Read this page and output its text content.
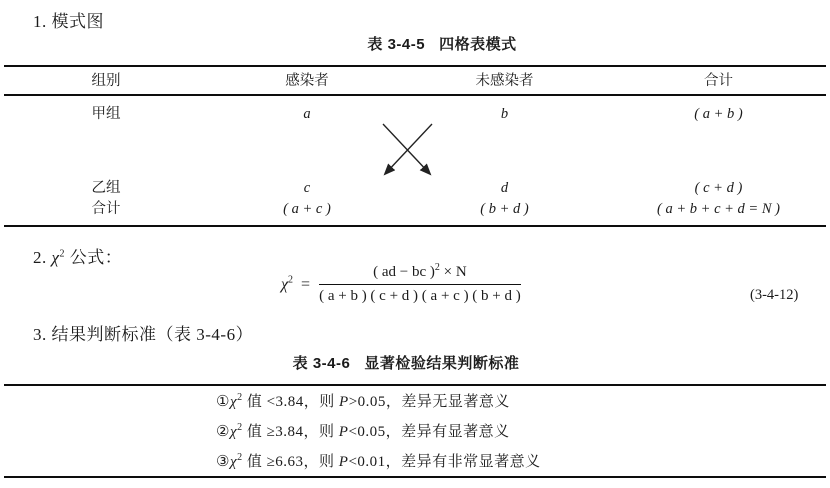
1. 模式图
表 3-4-5 四格表模式
组别	感染者	未感染者	合计
甲组	a	b	( a + b )
乙组	c	d	( c + d )
合计	( a + c )	( b + d )	( a + b + c + d = N )
2. $\chi^2$ 公式：
$\chi^2 = \frac{( ad - bc )^2 \times N}{( a + b ) ( c + d ) ( a + c ) ( b + d )}$	(3-4-12)
3. 结果判断标准（表 3-4-6）
表 3-4-6 显著检验结果判断标准
$①\chi^2$ 值 <3.84，则 P>0.05，差异无显著意义
$②\chi^2$ 值 ≥3.84，则 P<0.05，差异有显著意义
$③\chi^2$ 值 ≥6.63，则 P<0.01，差异有非常显著意义
